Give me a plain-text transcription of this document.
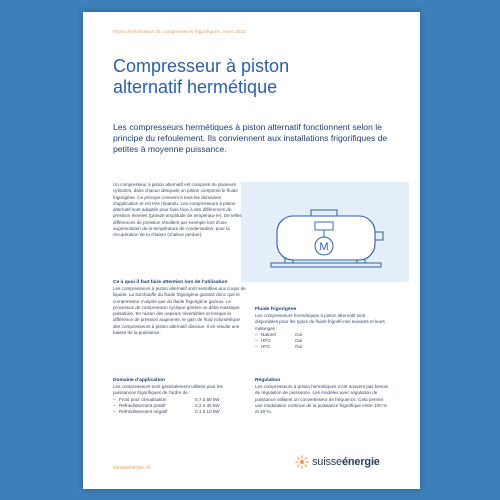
Fiche d'information 01 compresseurs frigorifiques, mars 2022
Compresseur à piston
alternatif hermétique

Les compresseurs hermétiques à piston alternatif fonctionnent selon le principe du refoulement. Ils conviennent aux installations frigorifiques de petites à moyenne puissance.

M

Un compresseur à piston alternatif est composé de plusieurs cylindres, dans chacun desquels un piston comprime le fluide frigorigène. Ce principe convient à tous les domaines d'application et est très répandu. Les compresseurs à piston alternatif sont adaptés pour faire face à des différences de pression élevées (grande amplitude de températu-re). De telles différences de pression résultent par exemple lors d'une augmentation de la température de condensation, pour la récupération de la chaleur (chaleur perdue).

Ce à quoi il faut faire attention lors de l'utilisation

Les compresseurs à piston alternatif sont sensibles aux coups de liquide. La surchauffe du fluide frigorigène garantit donc que le compresseur n'aspire que du fluide frigorigène gazeux. Le processus de compression cyclique génère un débit massique pulsatoire. En raison des vapeurs réversibles et lorsque la différence de pression augmente, le gain de froid volumétrique des compresseurs à piston alternatif diminue. Il en résulte une baisse de la puissance.

Domaine d'application

Les compresseurs sont généralement utilisés pour les puissances frigorifiques de l'ordre de :

– Froid pour climatisation	0,7 à 60 kW
– Refroidissement positif	0,2 à 30 kW
– Refroidissement négatif	0,1 à 10 kW
Fluide frigorigène

Les compresseurs hermétiques à piston alternatif sont disponibles pour les types de fluide frigorifi-ries suivants et leurs mélanges :

– Naturel	Oui
– HFO	Oui
– HFC	Oui
Régulation

Les compresseurs à piston hermétiques n'ont souvent pas besoin de régulation de puissance. Les modèles avec régulation de puissance utilisent un convertisseur de fréquence. Cela permet une modulation continue de la puissance frigorifique entre 100 % et 40 %.

suisseenergie.ch	suisseénergie
